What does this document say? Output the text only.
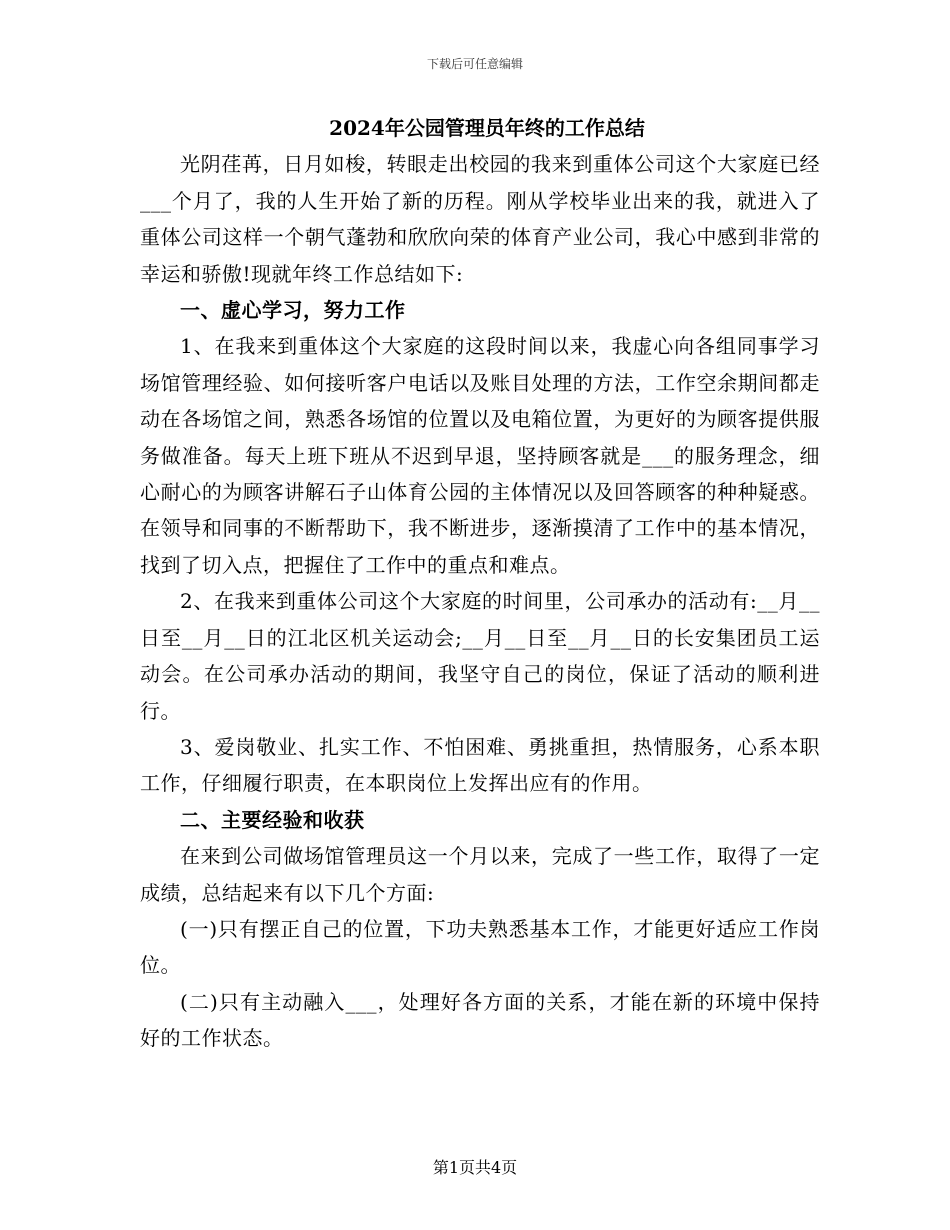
下载后可任意编辑
2024年公园管理员年终的工作总结

光阴荏苒，日月如梭，转眼走出校园的我来到重体公司这个大家庭已经___个月了，我的人生开始了新的历程。刚从学校毕业出来的我，就进入了重体公司这样一个朝气蓬勃和欣欣向荣的体育产业公司，我心中感到非常的幸运和骄傲!现就年终工作总结如下:

一、虚心学习，努力工作

1、在我来到重体这个大家庭的这段时间以来，我虚心向各组同事学习场馆管理经验、如何接听客户电话以及账目处理的方法，工作空余期间都走动在各场馆之间，熟悉各场馆的位置以及电箱位置，为更好的为顾客提供服务做准备。每天上班下班从不迟到早退，坚持顾客就是___的服务理念，细心耐心的为顾客讲解石子山体育公园的主体情况以及回答顾客的种种疑惑。在领导和同事的不断帮助下，我不断进步，逐渐摸清了工作中的基本情况，找到了切入点，把握住了工作中的重点和难点。

2、在我来到重体公司这个大家庭的时间里，公司承办的活动有:__月__日至__月__日的江北区机关运动会;__月__日至__月__日的长安集团员工运动会。在公司承办活动的期间，我坚守自己的岗位，保证了活动的顺利进行。

3、爱岗敬业、扎实工作、不怕困难、勇挑重担，热情服务，心系本职工作，仔细履行职责，在本职岗位上发挥出应有的作用。

二、主要经验和收获

在来到公司做场馆管理员这一个月以来，完成了一些工作，取得了一定成绩，总结起来有以下几个方面:

(一)只有摆正自己的位置，下功夫熟悉基本工作，才能更好适应工作岗位。

(二)只有主动融入___，处理好各方面的关系，才能在新的环境中保持好的工作状态。

第1页共4页
